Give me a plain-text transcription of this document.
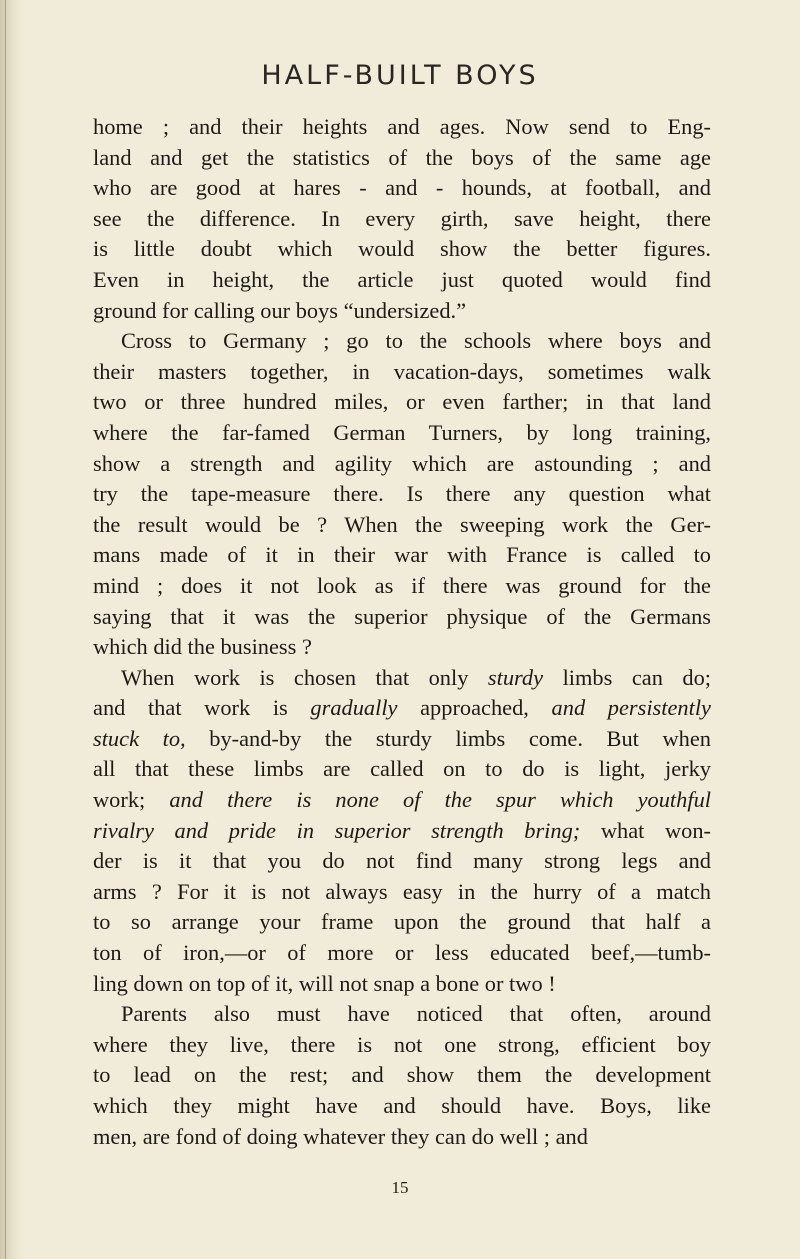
HALF-BUILT BOYS
home ; and their heights and ages. Now send to Eng-
land and get the statistics of the boys of the same age
who are good at hares - and - hounds, at football, and
see the difference. In every girth, save height, there
is little doubt which would show the better figures.
Even in height, the article just quoted would find
ground for calling our boys “undersized.”
Cross to Germany ; go to the schools where boys and
their masters together, in vacation-days, sometimes walk
two or three hundred miles, or even farther; in that land
where the far-famed German Turners, by long training,
show a strength and agility which are astounding ; and
try the tape-measure there. Is there any question what
the result would be ? When the sweeping work the Ger-
mans made of it in their war with France is called to
mind ; does it not look as if there was ground for the
saying that it was the superior physique of the Germans
which did the business ?
When work is chosen that only sturdy limbs can do;
and that work is gradually approached, and persistently
stuck to, by-and-by the sturdy limbs come. But when
all that these limbs are called on to do is light, jerky
work; and there is none of the spur which youthful
rivalry and pride in superior strength bring; what won-
der is it that you do not find many strong legs and
arms ? For it is not always easy in the hurry of a match
to so arrange your frame upon the ground that half a
ton of iron,—or of more or less educated beef,—tumb-
ling down on top of it, will not snap a bone or two !
Parents also must have noticed that often, around
where they live, there is not one strong, efficient boy
to lead on the rest; and show them the development
which they might have and should have. Boys, like
men, are fond of doing whatever they can do well ; and
15
